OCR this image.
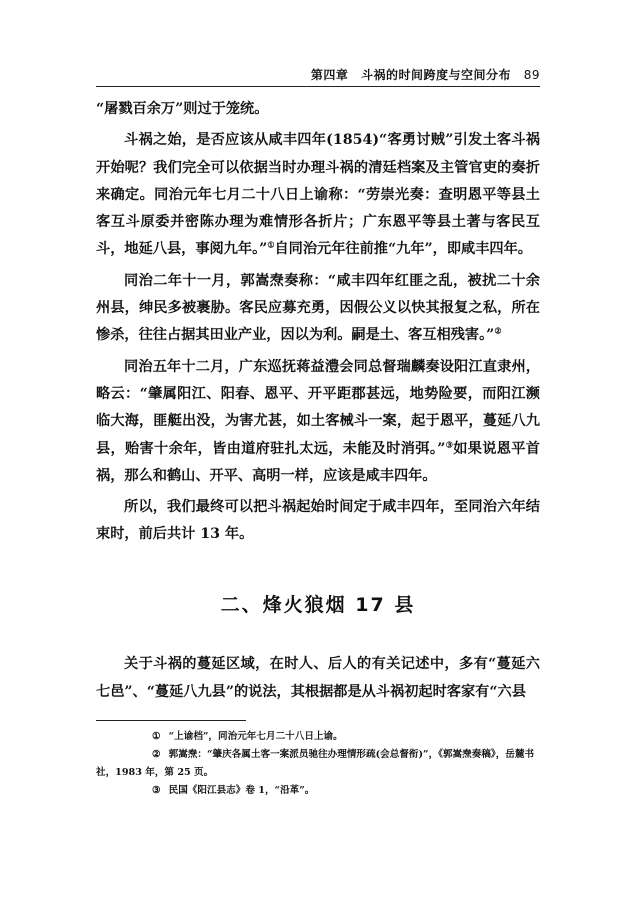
第四章 斗祸的时间跨度与空间分布 89

“屠戮百余万”则过于笼统。

斗祸之始，是否应该从咸丰四年(1854)“客勇讨贼”引发土客斗祸开始呢？我们完全可以依据当时办理斗祸的清廷档案及主管官吏的奏折来确定。同治元年七月二十八日上谕称：“劳崇光奏：查明恩平等县土客互斗原委并密陈办理为难情形各折片；广东恩平等县土著与客民互斗，地延八县，事阅九年。”①自同治元年往前推“九年”，即咸丰四年。

同治二年十一月，郭嵩焘奏称：“咸丰四年红匪之乱，被扰二十余州县，绅民多被裹胁。客民应募充勇，因假公义以快其报复之私，所在惨杀，往往占据其田业产业，因以为利。嗣是土、客互相残害。”②

同治五年十二月，广东巡抚蒋益澧会同总督瑞麟奏设阳江直隶州，略云：“肇属阳江、阳春、恩平、开平距郡甚远，地势险要，而阳江濒临大海，匪艇出没，为害尤甚，如土客械斗一案，起于恩平，蔓延八九县，贻害十余年，皆由道府驻扎太远，未能及时消弭。”③如果说恩平首祸，那么和鹤山、开平、高明一样，应该是咸丰四年。

所以，我们最终可以把斗祸起始时间定于咸丰四年，至同治六年结束时，前后共计 13 年。

二、烽火狼烟 17 县

关于斗祸的蔓延区域，在时人、后人的有关记述中，多有“蔓延六七邑”、“蔓延八九县”的说法，其根据都是从斗祸初起时客家有“六县

① “上谕档”，同治元年七月二十八日上谕。

② 郭嵩焘：“肇庆各属土客一案派员驰往办理情形疏(会总督衔)”，《郭嵩焘奏稿》，岳麓书社，1983 年，第 25 页。

③ 民国《阳江县志》卷 1，“沿革”。
